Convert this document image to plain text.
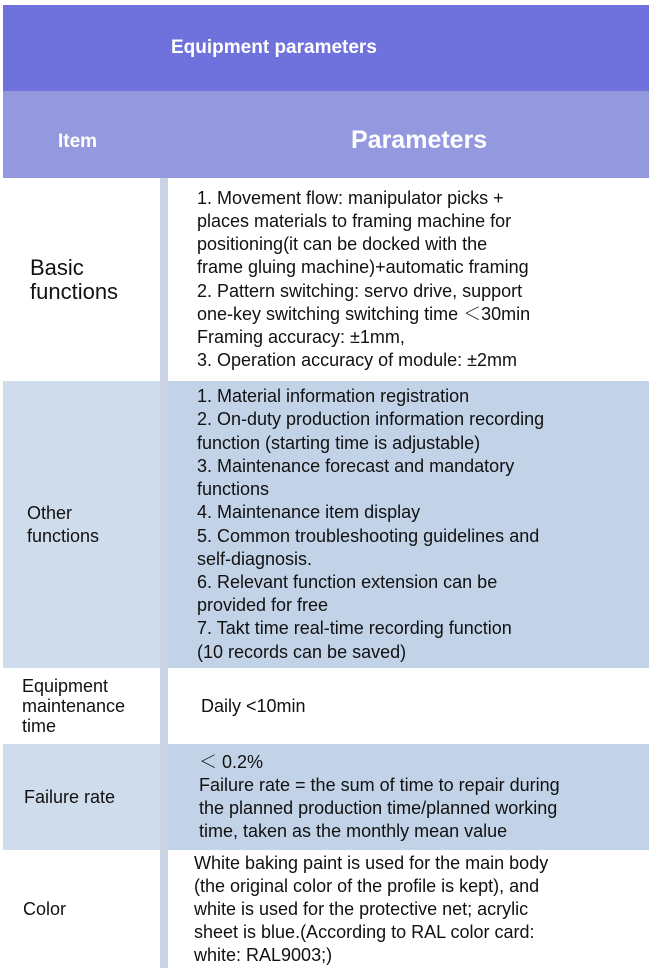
Equipment parameters
Item	Parameters
Basic
functions
1. Movement flow: manipulator picks +
places materials to framing machine for
positioning(it can be docked with the
frame gluing machine)+automatic framing
2. Pattern switching: servo drive, support
one-key switching switching time ＜30min
Framing accuracy: ±1mm,
3. Operation accuracy of module: ±2mm
Other
functions
1. Material information registration
2. On-duty production information recording
function (starting time is adjustable)
3. Maintenance forecast and mandatory
functions
4. Maintenance item display
5. Common troubleshooting guidelines and
self-diagnosis.
6. Relevant function extension can be
provided for free
7. Takt time real-time recording function
(10 records can be saved)
Equipment
maintenance
time
Daily <10min
Failure rate
＜ 0.2%
Failure rate = the sum of time to repair during
the planned production time/planned working
time, taken as the monthly mean value
Color
White baking paint is used for the main body
(the original color of the profile is kept), and
white is used for the protective net; acrylic
sheet is blue.(According to RAL color card:
white: RAL9003;)
